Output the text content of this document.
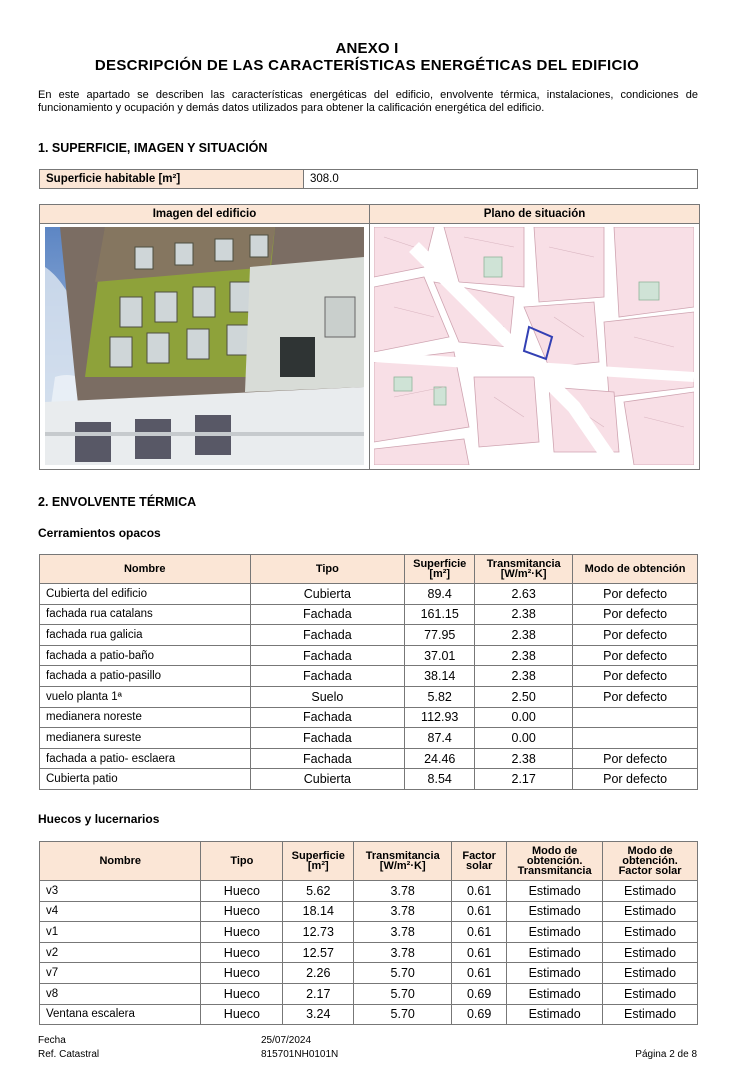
ANEXO I
DESCRIPCIÓN DE LAS CARACTERÍSTICAS ENERGÉTICAS DEL EDIFICIO
En este apartado se describen las características energéticas del edificio, envolvente térmica, instalaciones, condiciones de funcionamiento y ocupación y demás datos utilizados para obtener la calificación energética del edificio.
1. SUPERFICIE, IMAGEN Y SITUACIÓN
Superficie habitable [m²]	308.0
Imagen del edificio	Plano de situación
2. ENVOLVENTE TÉRMICA
Cerramientos opacos
Nombre	Tipo	Superficie [m²]	Transmitancia [W/m²·K]	Modo de obtención
Cubierta del edificio	Cubierta	89.4	2.63	Por defecto
fachada rua catalans	Fachada	161.15	2.38	Por defecto
fachada rua galicia	Fachada	77.95	2.38	Por defecto
fachada a patio-baño	Fachada	37.01	2.38	Por defecto
fachada a patio-pasillo	Fachada	38.14	2.38	Por defecto
vuelo planta 1ª	Suelo	5.82	2.50	Por defecto
medianera noreste	Fachada	112.93	0.00	
medianera sureste	Fachada	87.4	0.00	
fachada a patio- esclaera	Fachada	24.46	2.38	Por defecto
Cubierta patio	Cubierta	8.54	2.17	Por defecto
Huecos y lucernarios
Nombre	Tipo	Superficie [m²]	Transmitancia [W/m²·K]	Factor solar	Modo de obtención. Transmitancia	Modo de obtención. Factor solar
v3	Hueco	5.62	3.78	0.61	Estimado	Estimado
v4	Hueco	18.14	3.78	0.61	Estimado	Estimado
v1	Hueco	12.73	3.78	0.61	Estimado	Estimado
v2	Hueco	12.57	3.78	0.61	Estimado	Estimado
v7	Hueco	2.26	5.70	0.61	Estimado	Estimado
v8	Hueco	2.17	5.70	0.69	Estimado	Estimado
Ventana escalera	Hueco	3.24	5.70	0.69	Estimado	Estimado
Fecha	25/07/2024
Ref. Catastral	815701NH0101N	Página 2 de 8
